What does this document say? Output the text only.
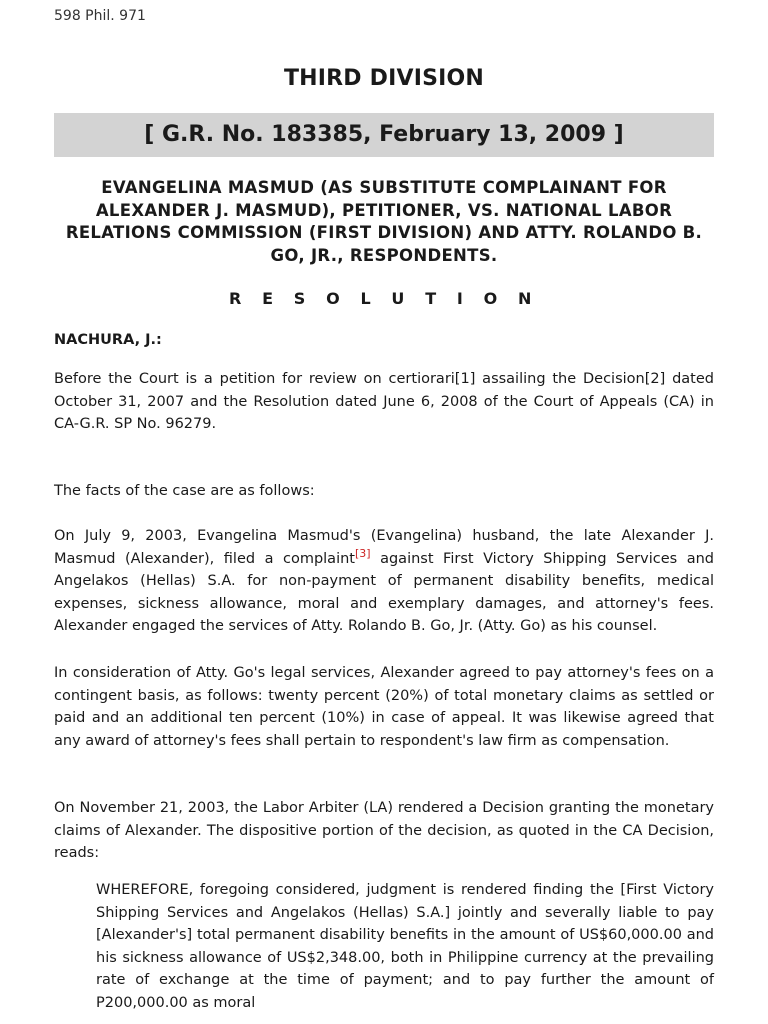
598 Phil. 971
THIRD DIVISION
[ G.R. No. 183385, February 13, 2009 ]
EVANGELINA MASMUD (AS SUBSTITUTE COMPLAINANT FOR ALEXANDER J. MASMUD), PETITIONER, VS. NATIONAL LABOR RELATIONS COMMISSION (FIRST DIVISION) AND ATTY. ROLANDO B. GO, JR., RESPONDENTS.
R E S O L U T I O N
NACHURA, J.:
Before the Court is a petition for review on certiorari[1] assailing the Decision[2] dated October 31, 2007 and the Resolution dated June 6, 2008 of the Court of Appeals (CA) in CA-G.R. SP No. 96279.
The facts of the case are as follows:
On July 9, 2003, Evangelina Masmud's (Evangelina) husband, the late Alexander J. Masmud (Alexander), filed a complaint[3] against First Victory Shipping Services and Angelakos (Hellas) S.A. for non-payment of permanent disability benefits, medical expenses, sickness allowance, moral and exemplary damages, and attorney's fees. Alexander engaged the services of Atty. Rolando B. Go, Jr. (Atty. Go) as his counsel.
In consideration of Atty. Go's legal services, Alexander agreed to pay attorney's fees on a contingent basis, as follows: twenty percent (20%) of total monetary claims as settled or paid and an additional ten percent (10%) in case of appeal. It was likewise agreed that any award of attorney's fees shall pertain to respondent's law firm as compensation.
On November 21, 2003, the Labor Arbiter (LA) rendered a Decision granting the monetary claims of Alexander. The dispositive portion of the decision, as quoted in the CA Decision, reads:
WHEREFORE, foregoing considered, judgment is rendered finding the [First Victory Shipping Services and Angelakos (Hellas) S.A.] jointly and severally liable to pay [Alexander's] total permanent disability benefits in the amount of US$60,000.00 and his sickness allowance of US$2,348.00, both in Philippine currency at the prevailing rate of exchange at the time of payment; and to pay further the amount of P200,000.00 as moral
